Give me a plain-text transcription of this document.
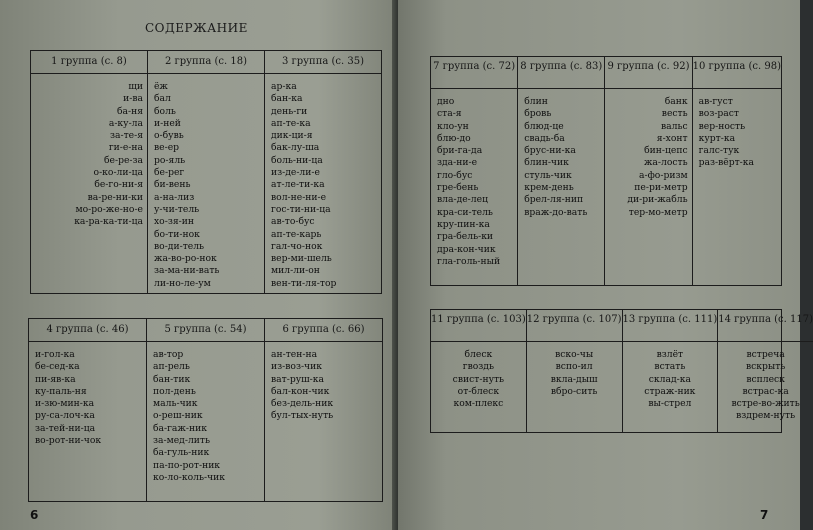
СОДЕРЖАНИЕ
1 группа (с. 8)
щи
и-ва
ба-ня
а-ку-ла
за-те-я
ги-е-на
бе-ре-за
о-ко-ли-ца
бе-го-ни-я
ва-ре-ни-ки
мо-ро-же-но-е
ка-ра-ка-ти-ца
2 группа (с. 18)
ёж
бал
боль
и-ней
о-бувь
ве-ер
ро-яль
бе-рег
би-вень
а-на-лиз
у-чи-тель
хо-зя-ин
бо-ти-нок
во-ди-тель
жа-во-ро-нок
за-ма-ни-вать
ли-но-ле-ум
3 группа (с. 35)
ар-ка
бан-ка
день-ги
ап-те-ка
дик-ци-я
бак-лу-ша
боль-ни-ца
из-де-ли-е
ат-ле-ти-ка
вол-не-ни-е
гос-ти-ни-ца
ав-то-бус
ап-те-карь
гал-чо-нок
вер-ми-шель
мил-ли-он
вен-ти-ля-тор
4 группа (с. 46)
и-гол-ка
бе-сед-ка
пи-яв-ка
ку-паль-ня
и-зю-мин-ка
ру-са-лоч-ка
за-тей-ни-ца
во-рот-ни-чок
5 группа (с. 54)
ав-тор
ап-рель
бан-тик
пол-день
маль-чик
о-реш-ник
ба-гаж-ник
за-мед-лить
ба-гуль-ник
па-по-рот-ник
ко-ло-коль-чик
6 группа (с. 66)
ан-тен-на
из-воз-чик
ват-руш-ка
бал-кон-чик
без-дель-ник
бул-тых-нуть
6
7 группа (с. 72)
дно
ста-я
кло-ун
блю-до
бри-га-да
зда-ни-е
гло-бус
гре-бень
вла-де-лец
кра-си-тель
кру-пин-ка
гра-бель-ки
дра-кон-чик
гла-голь-ный
8 группа (с. 83)
блин
бровь
блюд-це
свадь-ба
брус-ни-ка
блин-чик
стуль-чик
крем-день
брел-ля-нип
враж-до-вать
9 группа (с. 92)
банк
весть
вальс
я-хонт
бин-цепс
жа-лость
а-фо-ризм
пе-ри-метр
ди-ри-жабль
тер-мо-метр
10 группа (с. 98)
ав-густ
воз-раст
вер-ность
курт-ка
галс-тук
раз-вёрт-ка
11 группа (с. 103)
блеск
гвоздь
свист-нуть
от-блеск
ком-плекс
12 группа (с. 107)
вско-чы
вспо-ил
вкла-дыш
вбро-сить
13 группа (с. 111)
взлёт
встать
склад-ка
страж-ник
вы-стрел
14 группа (с. 117)
встреча
вскрыть
всплеск
встрас-ка
встре-во-жить
вздрем-нуть
7
